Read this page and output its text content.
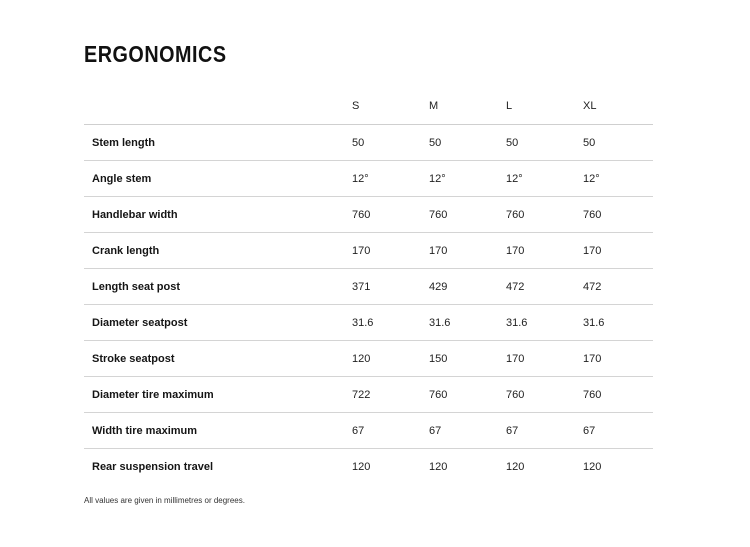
ERGONOMICS
	S	M	L	XL
Stem length	50	50	50	50
Angle stem	12°	12°	12°	12°
Handlebar width	760	760	760	760
Crank length	170	170	170	170
Length seat post	371	429	472	472
Diameter seatpost	31.6	31.6	31.6	31.6
Stroke seatpost	120	150	170	170
Diameter tire maximum	722	760	760	760
Width tire maximum	67	67	67	67
Rear suspension travel	120	120	120	120

All values are given in millimetres or degrees.
